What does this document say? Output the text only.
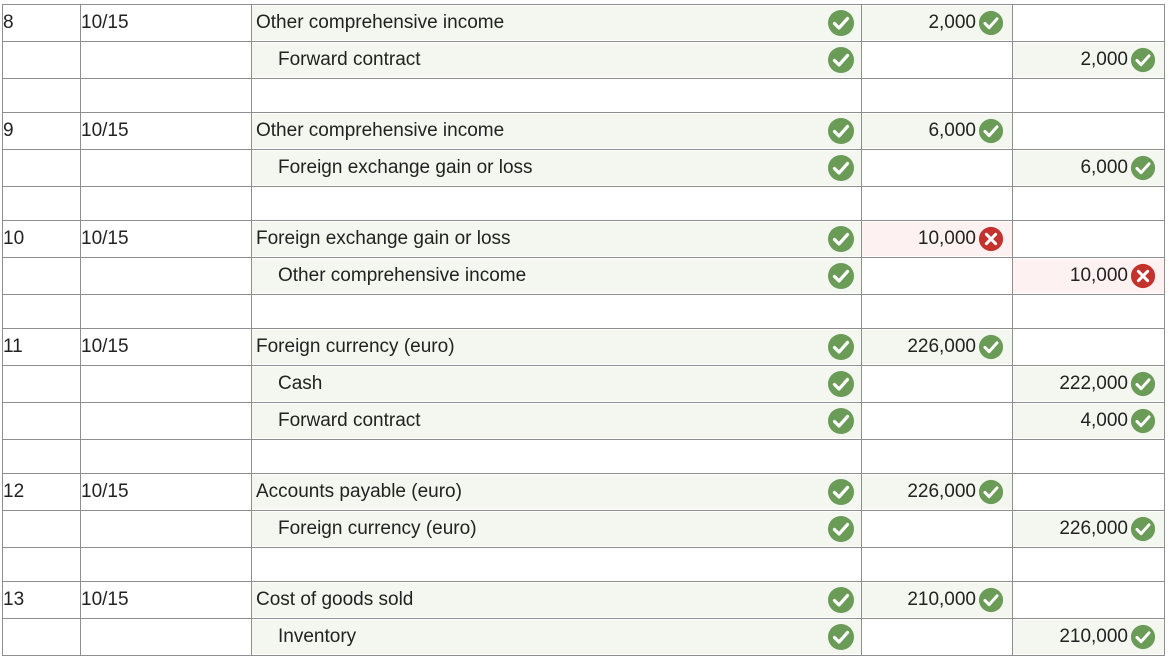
8	10/15	Other comprehensive income	2,000	

		Forward contract		2,000

9	10/15	Other comprehensive income	6,000	

		Foreign exchange gain or loss		6,000

10	10/15	Foreign exchange gain or loss	10,000	

		Other comprehensive income		10,000

11	10/15	Foreign currency (euro)	226,000	

		Cash		222,000

		Forward contract		4,000

12	10/15	Accounts payable (euro)	226,000	

		Foreign currency (euro)		226,000

13	10/15	Cost of goods sold	210,000	

		Inventory		210,000
